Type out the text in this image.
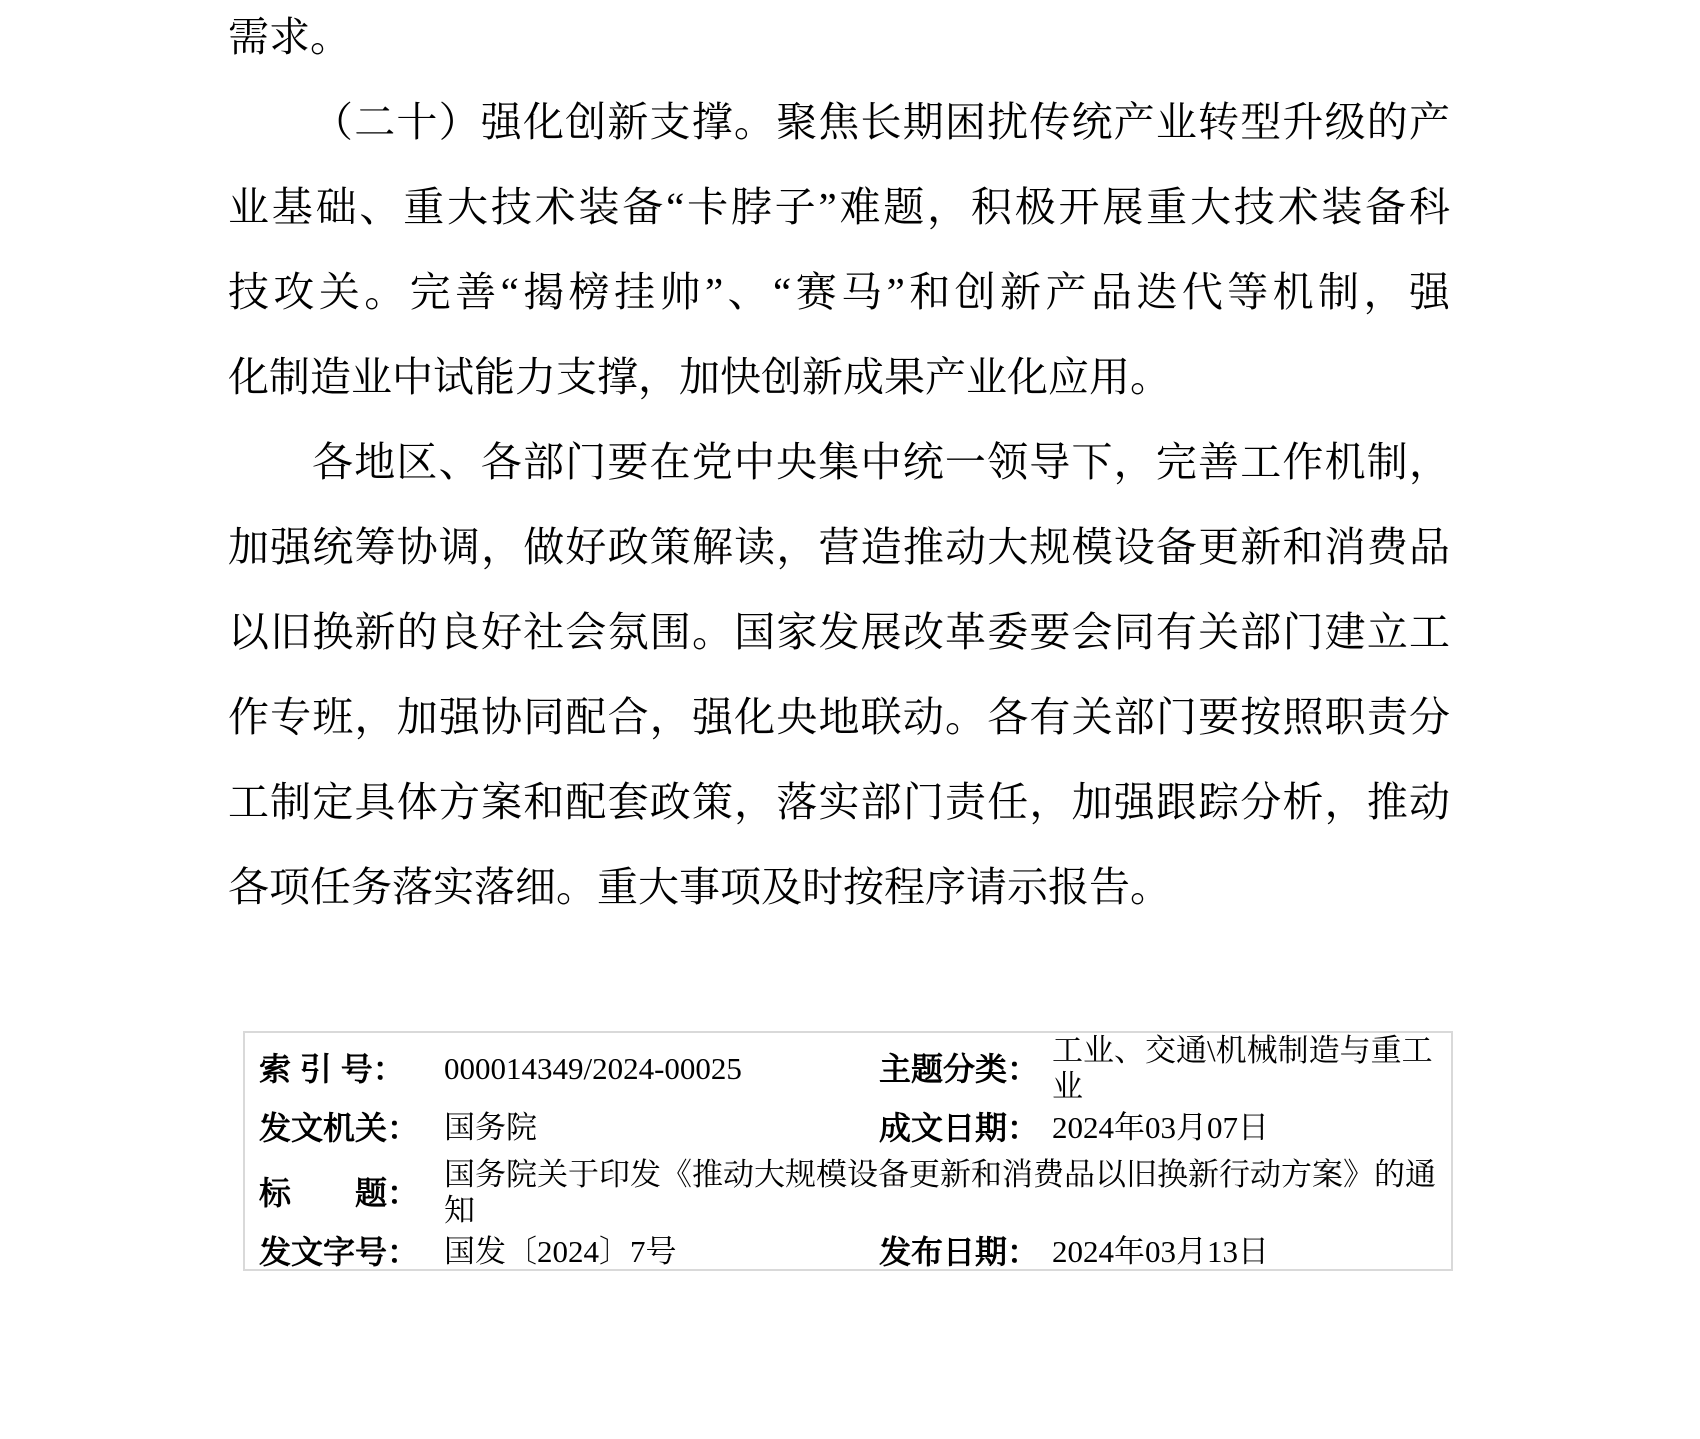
需求。
（二十）强化创新支撑。聚焦长期困扰传统产业转型升级的产
业基础、重大技术装备“卡脖子”难题，积极开展重大技术装备科
技攻关。完善“揭榜挂帅”、“赛马”和创新产品迭代等机制，强
化制造业中试能力支撑，加快创新成果产业化应用。
各地区、各部门要在党中央集中统一领导下，完善工作机制，
加强统筹协调，做好政策解读，营造推动大规模设备更新和消费品
以旧换新的良好社会氛围。国家发展改革委要会同有关部门建立工
作专班，加强协同配合，强化央地联动。各有关部门要按照职责分
工制定具体方案和配套政策，落实部门责任，加强跟踪分析，推动
各项任务落实落细。重大事项及时按程序请示报告。
索 引 号：	000014349/2024-00025	主题分类：
工业、交通\机械制造与重工业
发文机关： 国务院	成文日期： 2024年03月07日
标　　题：
国务院关于印发《推动大规模设备更新和消费品以旧换新行动方案》的通知
发文字号： 国发〔2024〕7号	发布日期： 2024年03月13日
